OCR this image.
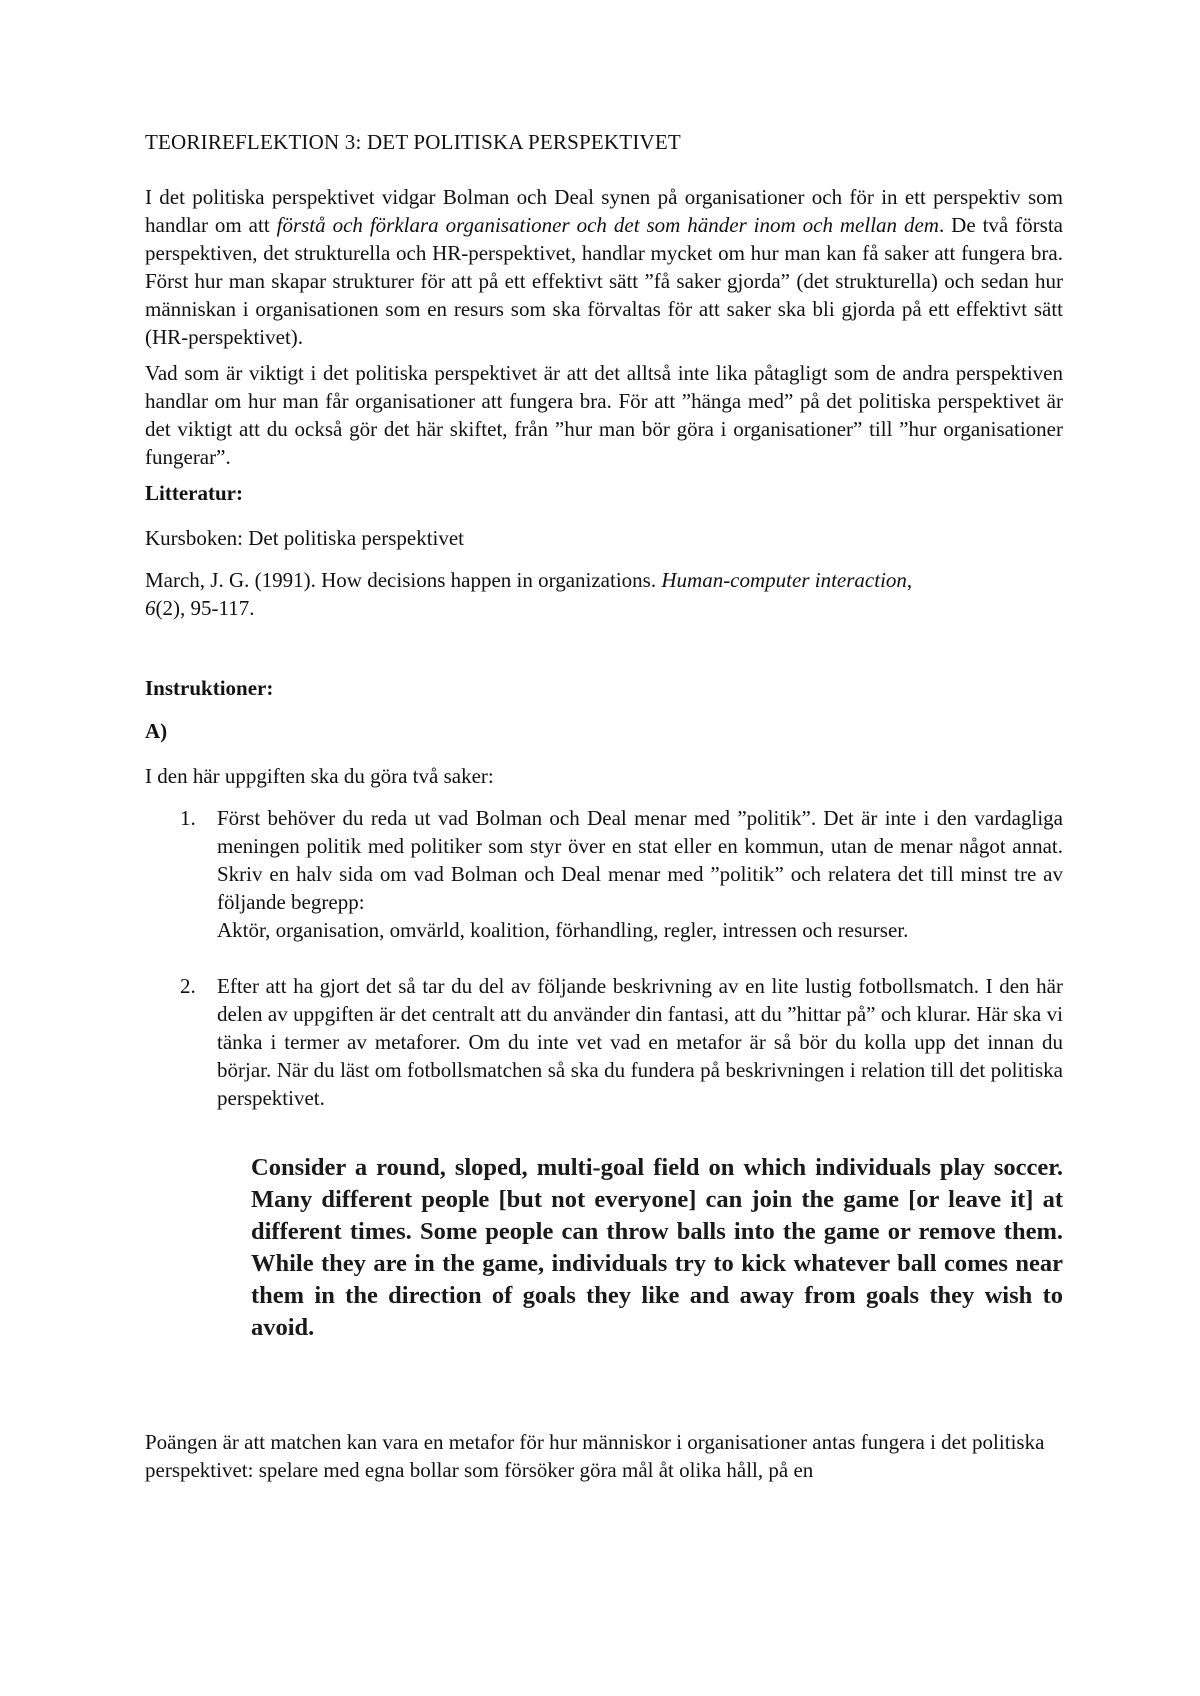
TEORIREFLEKTION 3: DET POLITISKA PERSPEKTIVET

I det politiska perspektivet vidgar Bolman och Deal synen på organisationer och för in ett perspektiv som handlar om att förstå och förklara organisationer och det som händer inom och mellan dem. De två första perspektiven, det strukturella och HR-perspektivet, handlar mycket om hur man kan få saker att fungera bra. Först hur man skapar strukturer för att på ett effektivt sätt ”få saker gjorda” (det strukturella) och sedan hur människan i organisationen som en resurs som ska förvaltas för att saker ska bli gjorda på ett effektivt sätt (HR-perspektivet).

Vad som är viktigt i det politiska perspektivet är att det alltså inte lika påtagligt som de andra perspektiven handlar om hur man får organisationer att fungera bra. För att ”hänga med” på det politiska perspektivet är det viktigt att du också gör det här skiftet, från ”hur man bör göra i organisationer” till ”hur organisationer fungerar”.

Litteratur:
Kursboken: Det politiska perspektivet
March, J. G. (1991). How decisions happen in organizations. Human-computer interaction, 6(2), 95-117.
Instruktioner:
A)
I den här uppgiften ska du göra två saker:
1. Först behöver du reda ut vad Bolman och Deal menar med ”politik”. Det är inte i den vardagliga meningen politik med politiker som styr över en stat eller en kommun, utan de menar något annat. Skriv en halv sida om vad Bolman och Deal menar med ”politik” och relatera det till minst tre av följande begrepp:
Aktör, organisation, omvärld, koalition, förhandling, regler, intressen och resurser.
2. Efter att ha gjort det så tar du del av följande beskrivning av en lite lustig fotbollsmatch. I den här delen av uppgiften är det centralt att du använder din fantasi, att du ”hittar på” och klurar. Här ska vi tänka i termer av metaforer. Om du inte vet vad en metafor är så bör du kolla upp det innan du börjar. När du läst om fotbollsmatchen så ska du fundera på beskrivningen i relation till det politiska perspektivet.
Consider a round, sloped, multi-goal field on which individuals play soccer. Many different people [but not everyone] can join the game [or leave it] at different times. Some people can throw balls into the game or remove them. While they are in the game, individuals try to kick whatever ball comes near them in the direction of goals they like and away from goals they wish to avoid.
Poängen är att matchen kan vara en metafor för hur människor i organisationer antas fungera i det politiska perspektivet: spelare med egna bollar som försöker göra mål åt olika håll, på en
